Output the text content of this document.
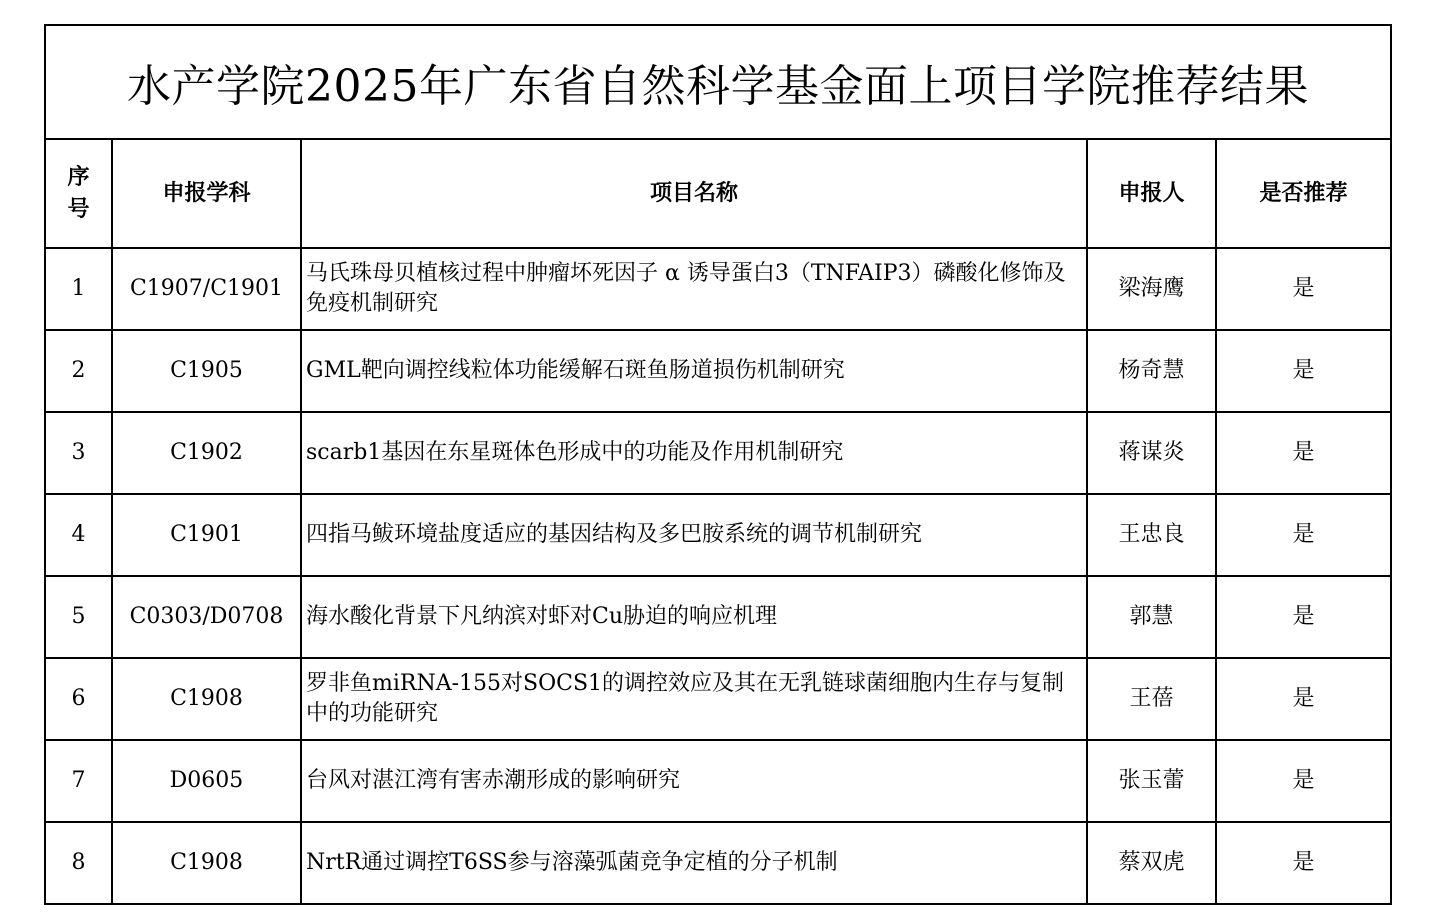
水产学院2025年广东省自然科学基金面上项目学院推荐结果				
序号	申报学科	项目名称	申报人	是否推荐
1	C1907/C1901	马氏珠母贝植核过程中肿瘤坏死因子 α 诱导蛋白3（TNFAIP3）磷酸化修饰及免疫机制研究	梁海鹰	是
2	C1905	GML靶向调控线粒体功能缓解石斑鱼肠道损伤机制研究	杨奇慧	是
3	C1902	scarb1基因在东星斑体色形成中的功能及作用机制研究	蒋谋炎	是
4	C1901	四指马鲅环境盐度适应的基因结构及多巴胺系统的调节机制研究	王忠良	是
5	C0303/D0708	海水酸化背景下凡纳滨对虾对Cu胁迫的响应机理	郭慧	是
6	C1908	罗非鱼miRNA-155对SOCS1的调控效应及其在无乳链球菌细胞内生存与复制中的功能研究	王蓓	是
7	D0605	台风对湛江湾有害赤潮形成的影响研究	张玉蕾	是
8	C1908	NrtR通过调控T6SS参与溶藻弧菌竞争定植的分子机制	蔡双虎	是
